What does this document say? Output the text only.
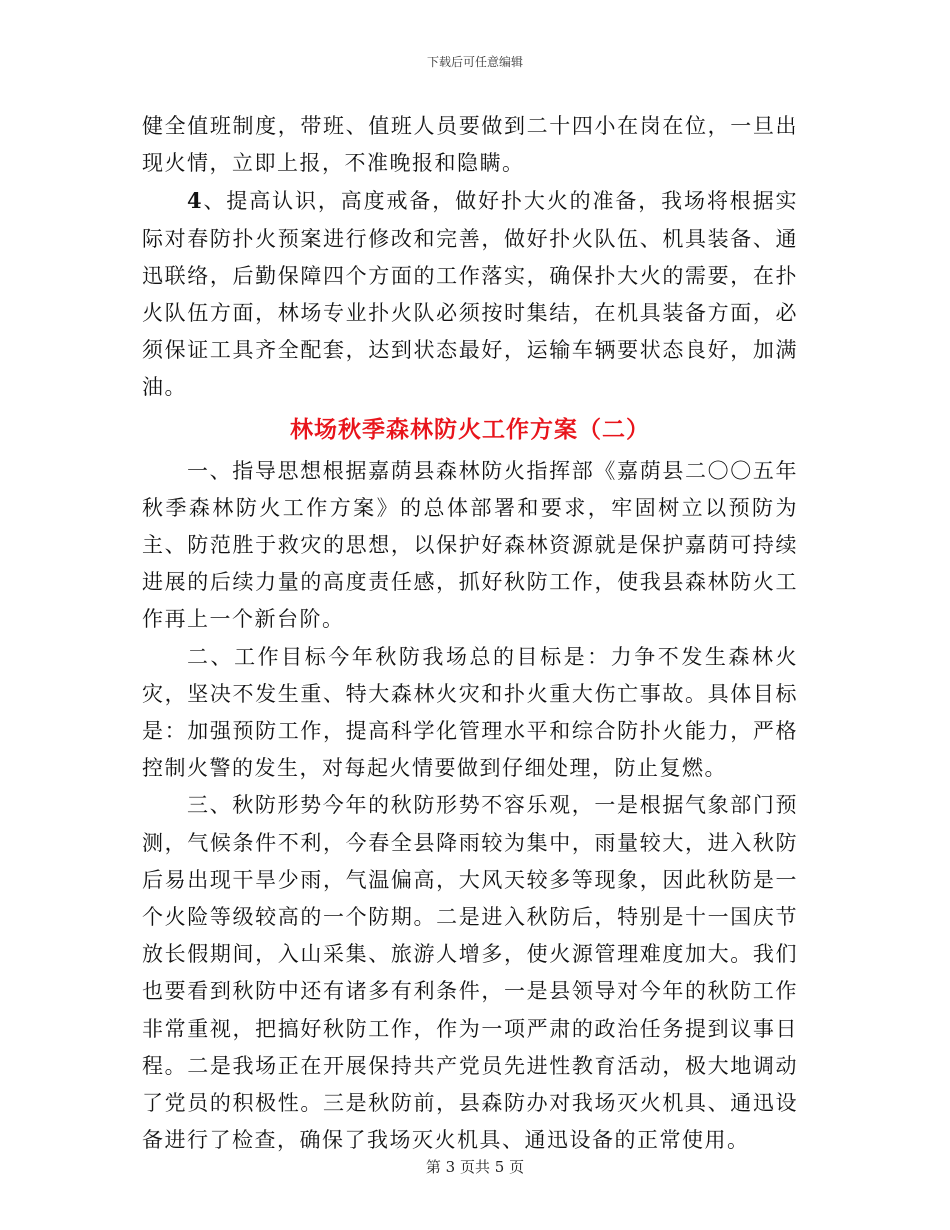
下载后可任意编辑

健全值班制度，带班、值班人员要做到二十四小在岗在位，一旦出现火情，立即上报，不准晚报和隐瞒。

4、提高认识，高度戒备，做好扑大火的准备，我场将根据实际对春防扑火预案进行修改和完善，做好扑火队伍、机具装备、通迅联络，后勤保障四个方面的工作落实，确保扑大火的需要，在扑火队伍方面，林场专业扑火队必须按时集结，在机具装备方面，必须保证工具齐全配套，达到状态最好，运输车辆要状态良好，加满油。

林场秋季森林防火工作方案（二）

一、指导思想根据嘉荫县森林防火指挥部《嘉荫县二〇〇五年秋季森林防火工作方案》的总体部署和要求，牢固树立以预防为主、防范胜于救灾的思想，以保护好森林资源就是保护嘉荫可持续进展的后续力量的高度责任感，抓好秋防工作，使我县森林防火工作再上一个新台阶。

二、工作目标今年秋防我场总的目标是：力争不发生森林火灾，坚决不发生重、特大森林火灾和扑火重大伤亡事故。具体目标是：加强预防工作，提高科学化管理水平和综合防扑火能力，严格控制火警的发生，对每起火情要做到仔细处理，防止复燃。

三、秋防形势今年的秋防形势不容乐观，一是根据气象部门预测，气候条件不利，今春全县降雨较为集中，雨量较大，进入秋防后易出现干旱少雨，气温偏高，大风天较多等现象，因此秋防是一个火险等级较高的一个防期。二是进入秋防后，特别是十一国庆节放长假期间，入山采集、旅游人增多，使火源管理难度加大。我们也要看到秋防中还有诸多有利条件，一是县领导对今年的秋防工作非常重视，把搞好秋防工作，作为一项严肃的政治任务提到议事日程。二是我场正在开展保持共产党员先进性教育活动，极大地调动了党员的积极性。三是秋防前，县森防办对我场灭火机具、通迅设备进行了检查，确保了我场灭火机具、通迅设备的正常使用。

第 3 页共 5 页
